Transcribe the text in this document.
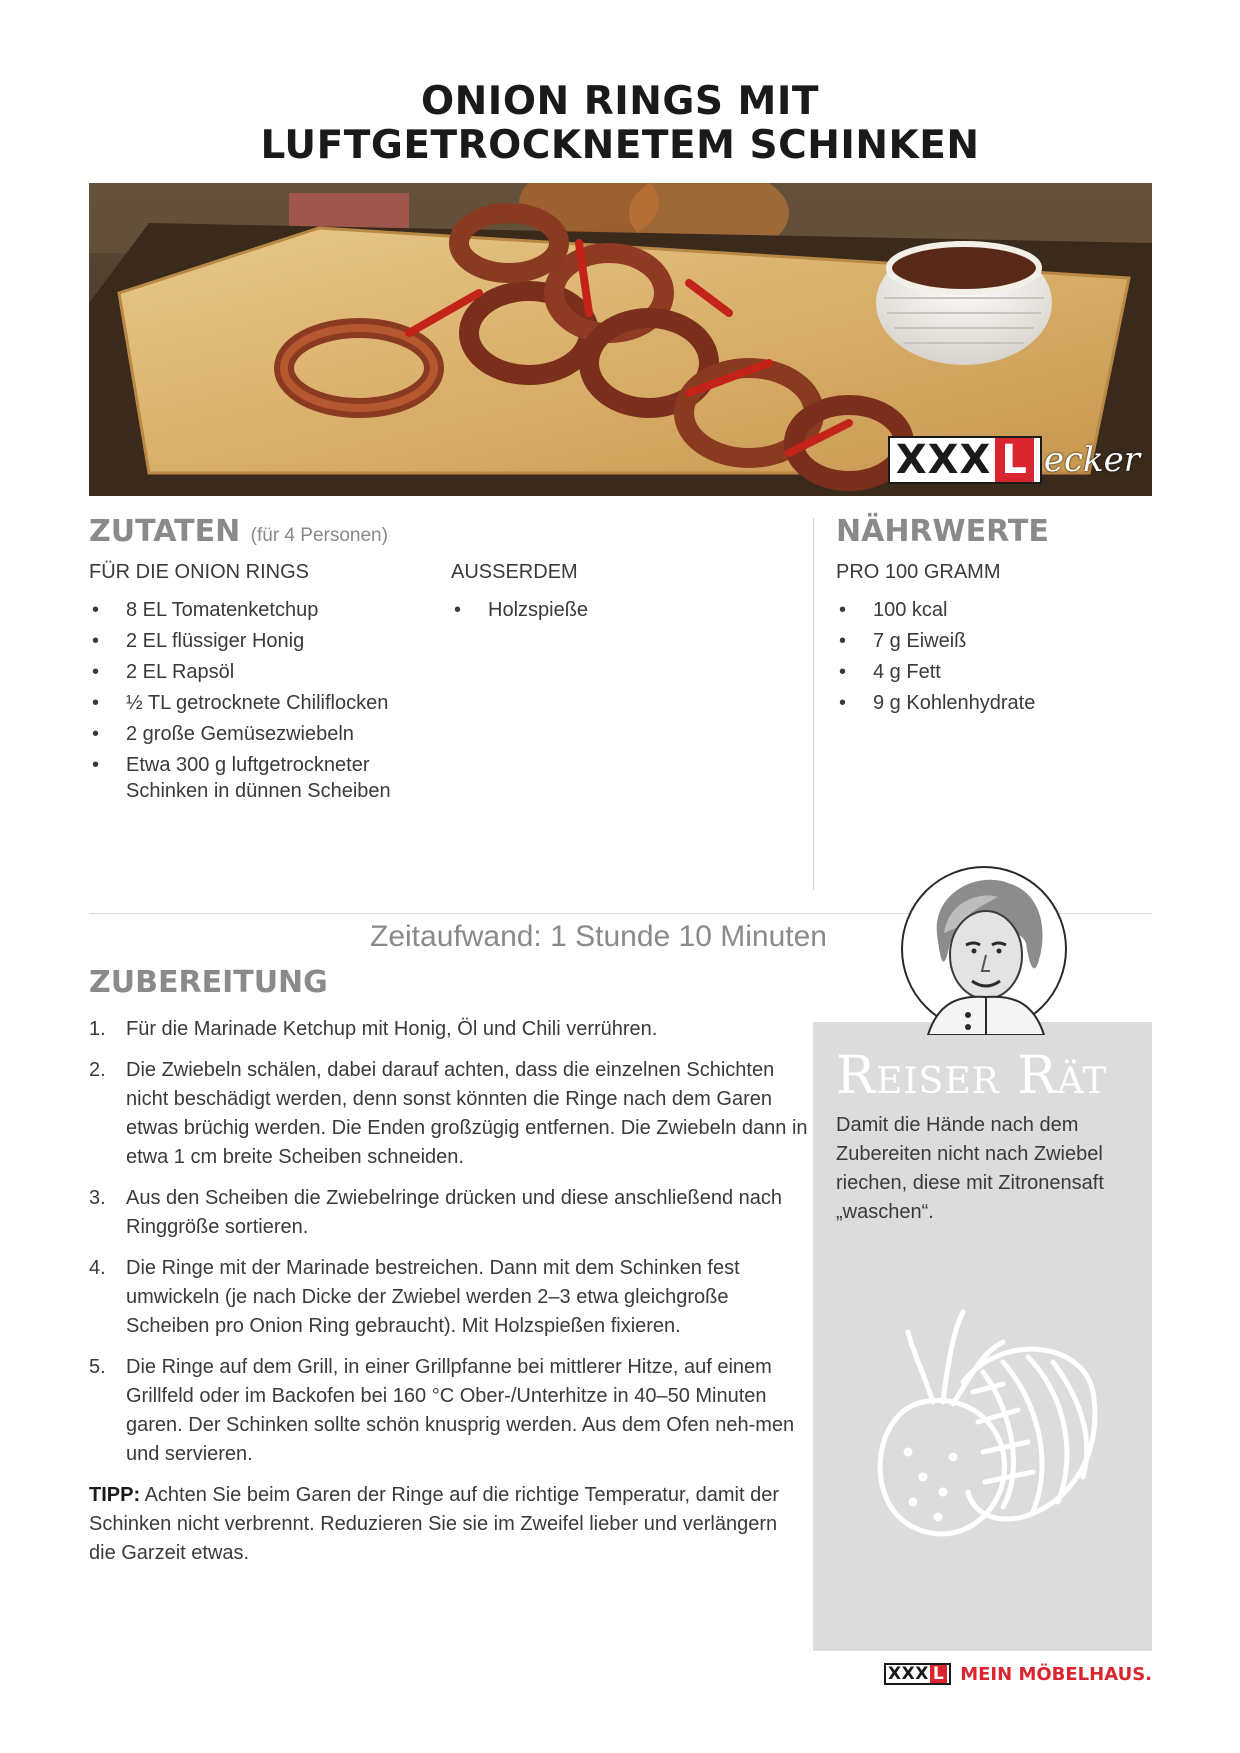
ONION RINGS MIT
LUFTGETROCKNETEM SCHINKEN
XXX L ecker
ZUTATEN (für 4 Personen)
FÜR DIE ONION RINGS
• 8 EL Tomatenketchup
• 2 EL flüssiger Honig
• 2 EL Rapsöl
• ½ TL getrocknete Chiliflocken
• 2 große Gemüsezwiebeln
• Etwa 300 g luftgetrockneter Schinken in dünnen Scheiben
AUSSERDEM
• Holzspieße
NÄHRWERTE
PRO 100 GRAMM
• 100 kcal
• 7 g Eiweiß
• 4 g Fett
• 9 g Kohlenhydrate
Zeitaufwand: 1 Stunde 10 Minuten
ZUBEREITUNG
1. Für die Marinade Ketchup mit Honig, Öl und Chili verrühren.
2. Die Zwiebeln schälen, dabei darauf achten, dass die einzelnen Schichten nicht beschädigt werden, denn sonst könnten die Ringe nach dem Garen etwas brüchig werden. Die Enden großzügig entfernen. Die Zwiebeln dann in etwa 1 cm breite Scheiben schneiden.
3. Aus den Scheiben die Zwiebelringe drücken und diese anschließend nach Ringgröße sortieren.
4. Die Ringe mit der Marinade bestreichen. Dann mit dem Schinken fest umwickeln (je nach Dicke der Zwiebel werden 2–3 etwa gleichgroße Scheiben pro Onion Ring gebraucht). Mit Holzspießen fixieren.
5. Die Ringe auf dem Grill, in einer Grillpfanne bei mittlerer Hitze, auf einem Grillfeld oder im Backofen bei 160 °C Ober-/Unterhitze in 40–50 Minuten garen. Der Schinken sollte schön knusprig werden. Aus dem Ofen neh-men und servieren.
TIPP: Achten Sie beim Garen der Ringe auf die richtige Temperatur, damit der Schinken nicht verbrennt. Reduzieren Sie sie im Zweifel lieber und verlängern die Garzeit etwas.
Reiser Rät
Damit die Hände nach dem Zubereiten nicht nach Zwiebel riechen, diese mit Zitronensaft „waschen“.
XXX L MEIN MÖBELHAUS.
